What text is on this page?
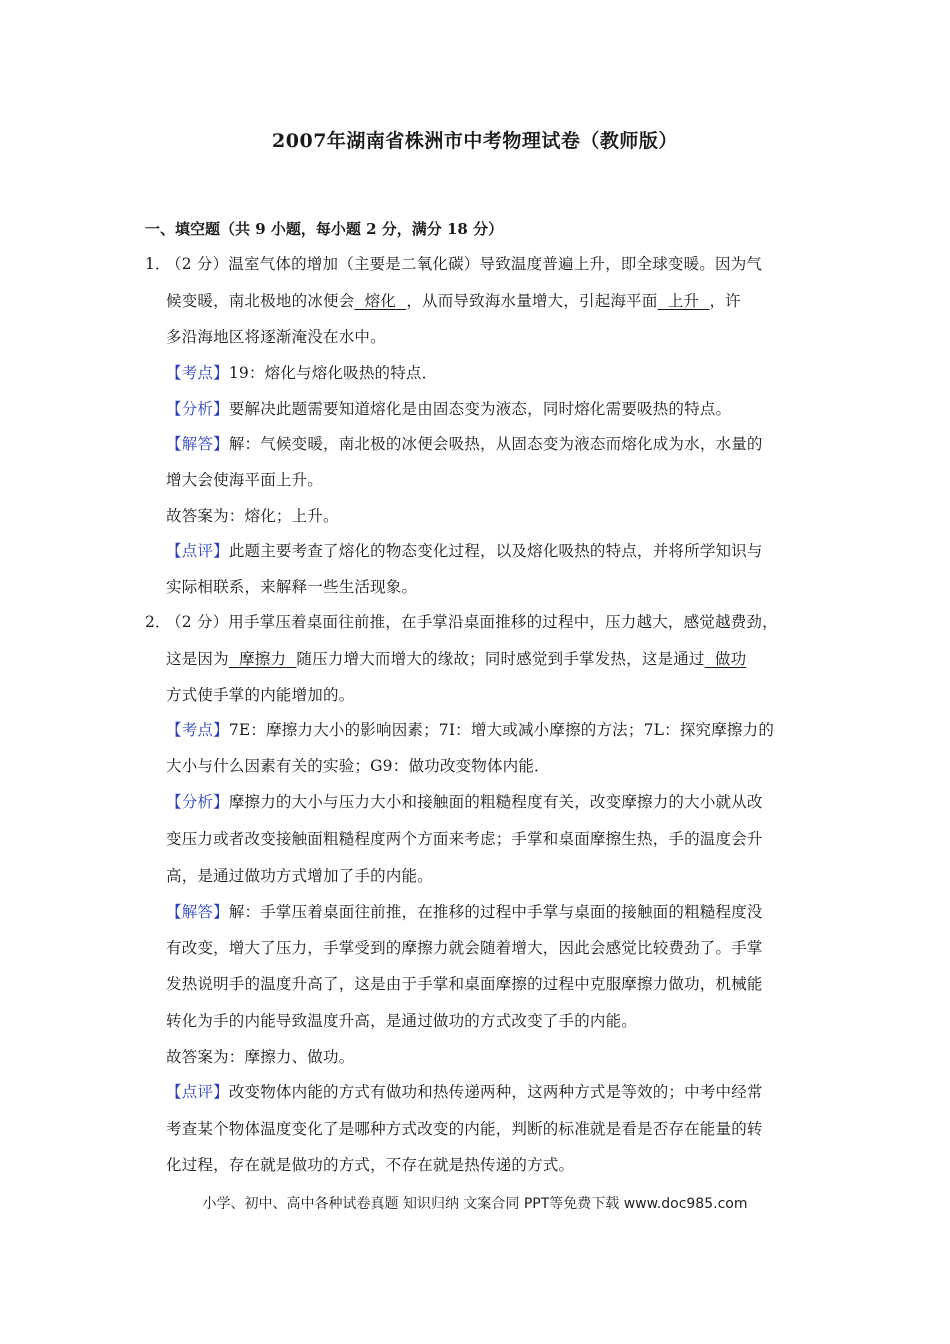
2007年湖南省株洲市中考物理试卷（教师版）
一、填空题（共 9 小题，每小题 2 分，满分 18 分）
1．
（2 分）温室气体的增加（主要是二氧化碳）导致温度普遍上升，即全球变暖。因为气
候变暖，南北极地的冰便会  熔化  ，从而导致海水量增大，引起海平面  上升  ，许
多沿海地区将逐渐淹没在水中。
【考点】19：熔化与熔化吸热的特点．
【分析】要解决此题需要知道熔化是由固态变为液态，同时熔化需要吸热的特点。
【解答】解：气候变暖，南北极的冰便会吸热，从固态变为液态而熔化成为水，水量的
增大会使海平面上升。
故答案为：熔化；上升。
【点评】此题主要考查了熔化的物态变化过程，以及熔化吸热的特点，并将所学知识与
实际相联系，来解释一些生活现象。
2．
（2 分）用手掌压着桌面往前推，在手掌沿桌面推移的过程中，压力越大，感觉越费劲，
这是因为  摩擦力  随压力增大而增大的缘故；同时感觉到手掌发热，这是通过  做功
方式使手掌的内能增加的。
【考点】7E：摩擦力大小的影响因素；7I：增大或减小摩擦的方法；7L：探究摩擦力的
大小与什么因素有关的实验；G9：做功改变物体内能．
【分析】摩擦力的大小与压力大小和接触面的粗糙程度有关，改变摩擦力的大小就从改
变压力或者改变接触面粗糙程度两个方面来考虑；手掌和桌面摩擦生热，手的温度会升
高，是通过做功方式增加了手的内能。
【解答】解：手掌压着桌面往前推，在推移的过程中手掌与桌面的接触面的粗糙程度没
有改变，增大了压力，手掌受到的摩擦力就会随着增大，因此会感觉比较费劲了。手掌
发热说明手的温度升高了，这是由于手掌和桌面摩擦的过程中克服摩擦力做功，机械能
转化为手的内能导致温度升高，是通过做功的方式改变了手的内能。
故答案为：摩擦力、做功。
【点评】改变物体内能的方式有做功和热传递两种，这两种方式是等效的；中考中经常
考查某个物体温度变化了是哪种方式改变的内能，判断的标准就是看是否存在能量的转
化过程，存在就是做功的方式，不存在就是热传递的方式。
小学、初中、高中各种试卷真题 知识归纳 文案合同 PPT等免费下载 www.doc985.com
